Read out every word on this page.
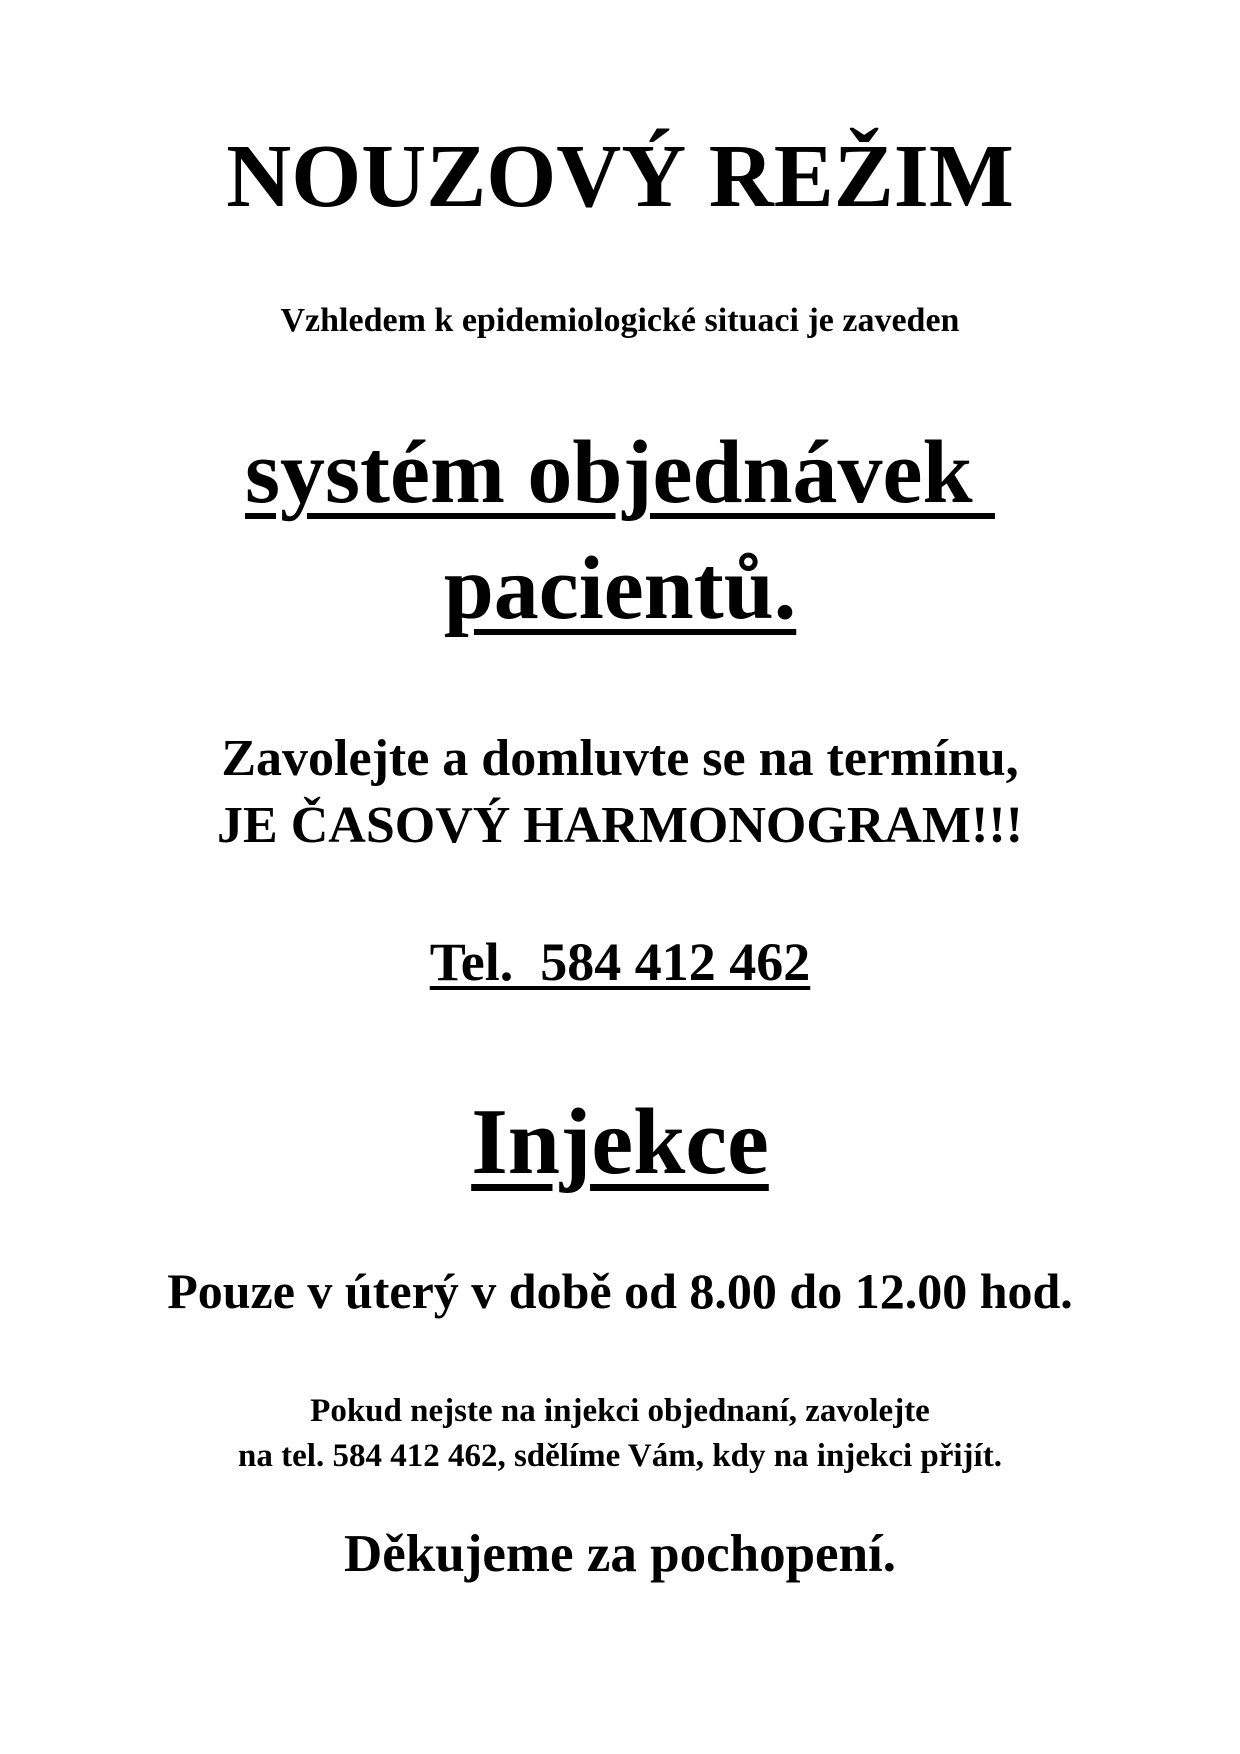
NOUZOVÝ REŽIM
Vzhledem k epidemiologické situaci je zaveden
systém objednávek
pacientů.
Zavolejte a domluvte se na termínu,
JE ČASOVÝ HARMONOGRAM!!!
Tel.  584 412 462
Injekce
Pouze v úterý v době od 8.00 do 12.00 hod.
Pokud nejste na injekci objednaní, zavolejte
na tel. 584 412 462, sdělíme Vám, kdy na injekci přijít.
Děkujeme za pochopení.
